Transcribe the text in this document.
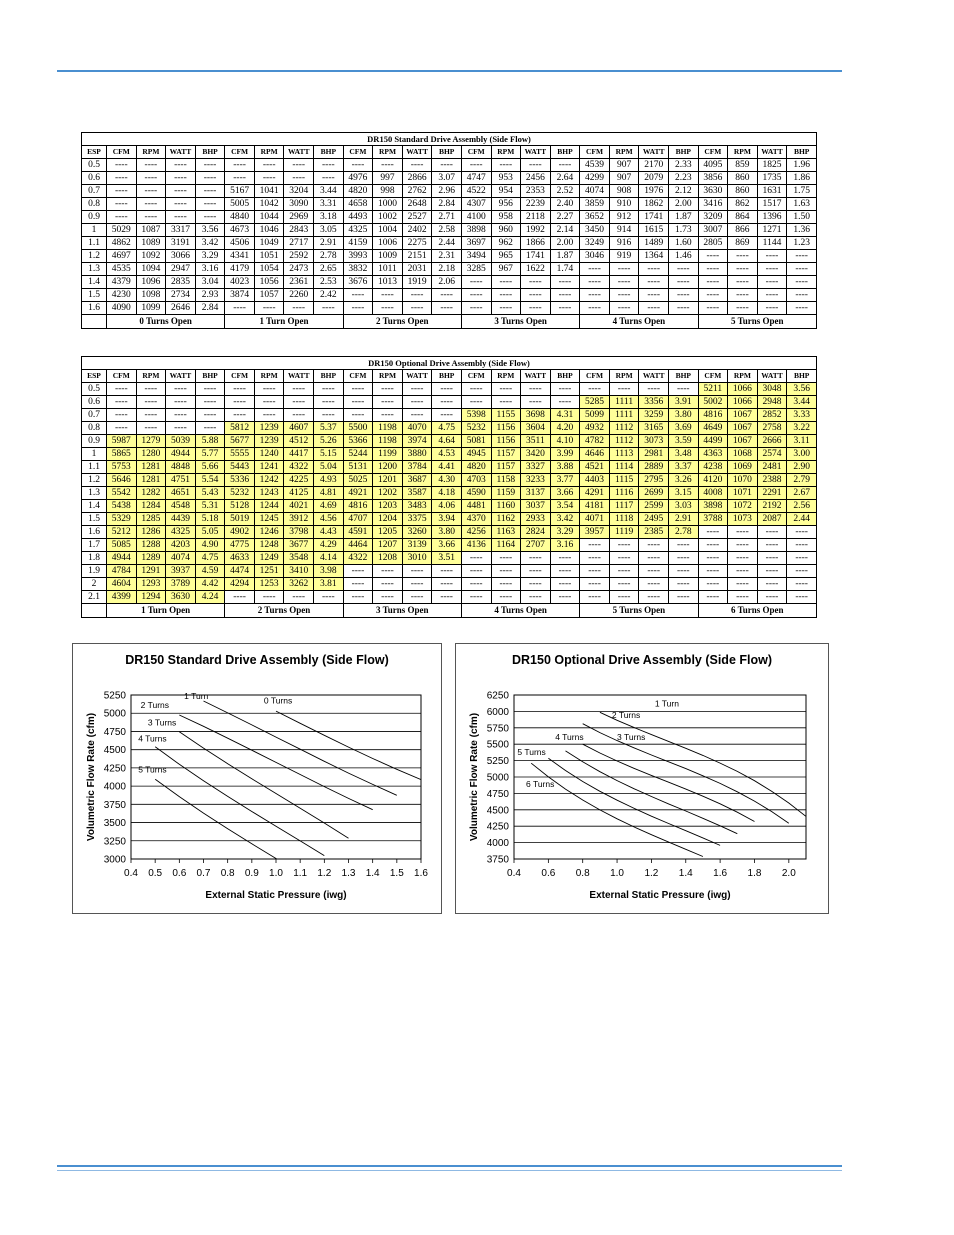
DR150 Standard Drive Assembly (Side Flow)																								
ESP	CFM	RPM	WATT	BHP	CFM	RPM	WATT	BHP	CFM	RPM	WATT	BHP	CFM	RPM	WATT	BHP	CFM	RPM	WATT	BHP	CFM	RPM	WATT	BHP
0.5	----	----	----	----	----	----	----	----	----	----	----	----	----	----	----	----	4539	907	2170	2.33	4095	859	1825	1.96
0.6	----	----	----	----	----	----	----	----	4976	997	2866	3.07	4747	953	2456	2.64	4299	907	2079	2.23	3856	860	1735	1.86
0.7	----	----	----	----	5167	1041	3204	3.44	4820	998	2762	2.96	4522	954	2353	2.52	4074	908	1976	2.12	3630	860	1631	1.75
0.8	----	----	----	----	5005	1042	3090	3.31	4658	1000	2648	2.84	4307	956	2239	2.40	3859	910	1862	2.00	3416	862	1517	1.63
0.9	----	----	----	----	4840	1044	2969	3.18	4493	1002	2527	2.71	4100	958	2118	2.27	3652	912	1741	1.87	3209	864	1396	1.50
1	5029	1087	3317	3.56	4673	1046	2843	3.05	4325	1004	2402	2.58	3898	960	1992	2.14	3450	914	1615	1.73	3007	866	1271	1.36
1.1	4862	1089	3191	3.42	4506	1049	2717	2.91	4159	1006	2275	2.44	3697	962	1866	2.00	3249	916	1489	1.60	2805	869	1144	1.23
1.2	4697	1092	3066	3.29	4341	1051	2592	2.78	3993	1009	2151	2.31	3494	965	1741	1.87	3046	919	1364	1.46	----	----	----	----
1.3	4535	1094	2947	3.16	4179	1054	2473	2.65	3832	1011	2031	2.18	3285	967	1622	1.74	----	----	----	----	----	----	----	----
1.4	4379	1096	2835	3.04	4023	1056	2361	2.53	3676	1013	1919	2.06	----	----	----	----	----	----	----	----	----	----	----	----
1.5	4230	1098	2734	2.93	3874	1057	2260	2.42	----	----	----	----	----	----	----	----	----	----	----	----	----	----	----	----
1.6	4090	1099	2646	2.84	----	----	----	----	----	----	----	----	----	----	----	----	----	----	----	----	----	----	----	----
	0 Turns Open				1 Turn Open				2 Turns Open				3 Turns Open				4 Turns Open				5 Turns Open			
DR150 Optional Drive Assembly (Side Flow)																								
ESP	CFM	RPM	WATT	BHP	CFM	RPM	WATT	BHP	CFM	RPM	WATT	BHP	CFM	RPM	WATT	BHP	CFM	RPM	WATT	BHP	CFM	RPM	WATT	BHP
0.5	----	----	----	----	----	----	----	----	----	----	----	----	----	----	----	----	----	----	----	----	5211	1066	3048	3.56
0.6	----	----	----	----	----	----	----	----	----	----	----	----	----	----	----	----	5285	1111	3356	3.91	5002	1066	2948	3.44
0.7	----	----	----	----	----	----	----	----	----	----	----	----	5398	1155	3698	4.31	5099	1111	3259	3.80	4816	1067	2852	3.33
0.8	----	----	----	----	5812	1239	4607	5.37	5500	1198	4070	4.75	5232	1156	3604	4.20	4932	1112	3165	3.69	4649	1067	2758	3.22
0.9	5987	1279	5039	5.88	5677	1239	4512	5.26	5366	1198	3974	4.64	5081	1156	3511	4.10	4782	1112	3073	3.59	4499	1067	2666	3.11
1	5865	1280	4944	5.77	5555	1240	4417	5.15	5244	1199	3880	4.53	4945	1157	3420	3.99	4646	1113	2981	3.48	4363	1068	2574	3.00
1.1	5753	1281	4848	5.66	5443	1241	4322	5.04	5131	1200	3784	4.41	4820	1157	3327	3.88	4521	1114	2889	3.37	4238	1069	2481	2.90
1.2	5646	1281	4751	5.54	5336	1242	4225	4.93	5025	1201	3687	4.30	4703	1158	3233	3.77	4403	1115	2795	3.26	4120	1070	2388	2.79
1.3	5542	1282	4651	5.43	5232	1243	4125	4.81	4921	1202	3587	4.18	4590	1159	3137	3.66	4291	1116	2699	3.15	4008	1071	2291	2.67
1.4	5438	1284	4548	5.31	5128	1244	4021	4.69	4816	1203	3483	4.06	4481	1160	3037	3.54	4181	1117	2599	3.03	3898	1072	2192	2.56
1.5	5329	1285	4439	5.18	5019	1245	3912	4.56	4707	1204	3375	3.94	4370	1162	2933	3.42	4071	1118	2495	2.91	3788	1073	2087	2.44
1.6	5212	1286	4325	5.05	4902	1246	3798	4.43	4591	1205	3260	3.80	4256	1163	2824	3.29	3957	1119	2385	2.78	----	----	----	----
1.7	5085	1288	4203	4.90	4775	1248	3677	4.29	4464	1207	3139	3.66	4136	1164	2707	3.16	----	----	----	----	----	----	----	----
1.8	4944	1289	4074	4.75	4633	1249	3548	4.14	4322	1208	3010	3.51	----	----	----	----	----	----	----	----	----	----	----	----
1.9	4784	1291	3937	4.59	4474	1251	3410	3.98	----	----	----	----	----	----	----	----	----	----	----	----	----	----	----	----
2	4604	1293	3789	4.42	4294	1253	3262	3.81	----	----	----	----	----	----	----	----	----	----	----	----	----	----	----	----
2.1	4399	1294	3630	4.24	----	----	----	----	----	----	----	----	----	----	----	----	----	----	----	----	----	----	----	----
	1 Turn Open				2 Turns Open				3 Turns Open				4 Turns Open				5 Turns Open				6 Turns Open			
DR150 Standard Drive Assembly (Side Flow)
3000
3250
3500
3750
4000
4250
4500
4750
5000
5250
0.4 0.5 0.6 0.7 0.8 0.9 1.0 1.1 1.2 1.3 1.4 1.5 1.6
External Static Pressure (iwg)
Volumetric Flow Rate (cfm)
1 Turn	0 Turns
2 Turns
3 Turns
4 Turns
5 Turns
DR150 Optional Drive Assembly (Side Flow)
3750
4000
4250
4500
4750
5000
5250
5500
5750
6000
6250
0.4 0.6 0.8 1.0 1.2 1.4 1.6 1.8 2.0
External Static Pressure (iwg)
Volumetric Flow Rate (cfm)
1 Turn
2 Turns
4 Turns	3 Turns
5 Turns
6 Turns
